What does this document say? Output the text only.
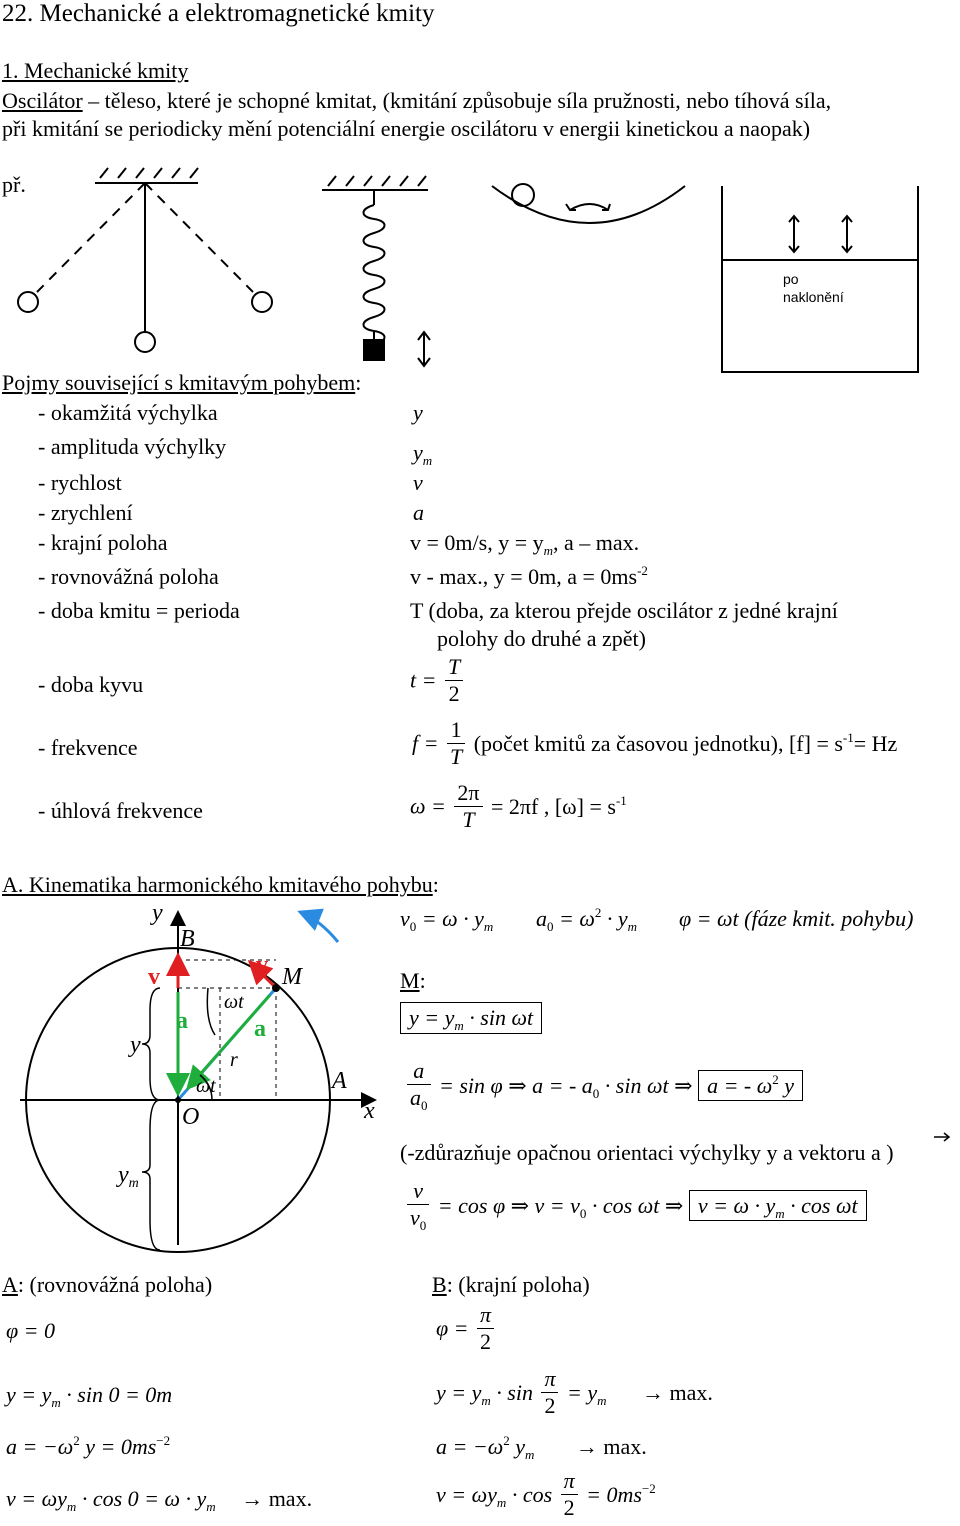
22. Mechanické a elektromagnetické kmity
1. Mechanické kmity
Oscilátor – těleso, které je schopné kmitat, (kmitání způsobuje síla pružnosti, nebo tíhová síla,
při kmitání se periodicky mění potenciální energie oscilátoru v energii kinetickou a naopak)
př.
po
naklonění
Pojmy související s kmitavým pohybem:
- okamžitá výchylka	y
- amplituda výchylky	$y_m$
- rychlost	v
- zrychlení	a
- krajní poloha	v = 0m/s, $y = y_m$, a – max.
- rovnovážná poloha	v - max., y = 0m, $a = 0ms^{-2}$
- doba kmitu = perioda	T (doba, za kterou přejde oscilátor z jedné krajní
polohy do druhé a zpět)
- doba kyvu	$t = \frac{T}{2}$
- frekvence	$f = \frac{1}{T}$ (počet kmitů za časovou jednotku), $[f] = s^{-1}= Hz$
- úhlová frekvence	$\omega = \frac{2\pi}{T} = 2\pi f$ , $[\omega] = s^{-1}$
A. Kinematika harmonického kmitavého pohybu:
$v_0 = \omega \cdot y_m$ $a_0 = \omega^2 \cdot y_m$ φ = ωt (fáze kmit. pohybu)
y
B
v	v M
a	a
ωt
r
ωt
y
A
O	x
$y_m$
M:
$y = y_m \cdot \sin \omega t$
$\frac{a}{a_0} = \sin \varphi$ ⇒ a = - $a_0 \cdot \sin \omega t$ ⇒ a = - $\omega^2$ y
(-zdůrazňuje opačnou orientaci výchylky y a vektoru a )
$\frac{v}{v_0} = \cos \varphi$ ⇒ $v = v_0 \cdot \cos \omega t$ ⇒ $v = \omega \cdot y_m \cdot \cos \omega t$
A: (rovnovážná poloha)	B: (krajní poloha)
φ = 0	$\varphi = \frac{\pi}{2}$
$y = y_m \cdot \sin 0 = 0m$	$y = y_m \cdot \sin \frac{\pi}{2} = y_m \to \max$.
$a = -\omega^2$ $y = 0ms^{-2}$	$a = -\omega^2$ $y_m \to \max$.
$v = \omega y_m \cdot \cos 0 = \omega \cdot y_m \to \max$.	$v = \omega y_m \cdot \cos \frac{\pi}{2} = 0ms^{-2}$
